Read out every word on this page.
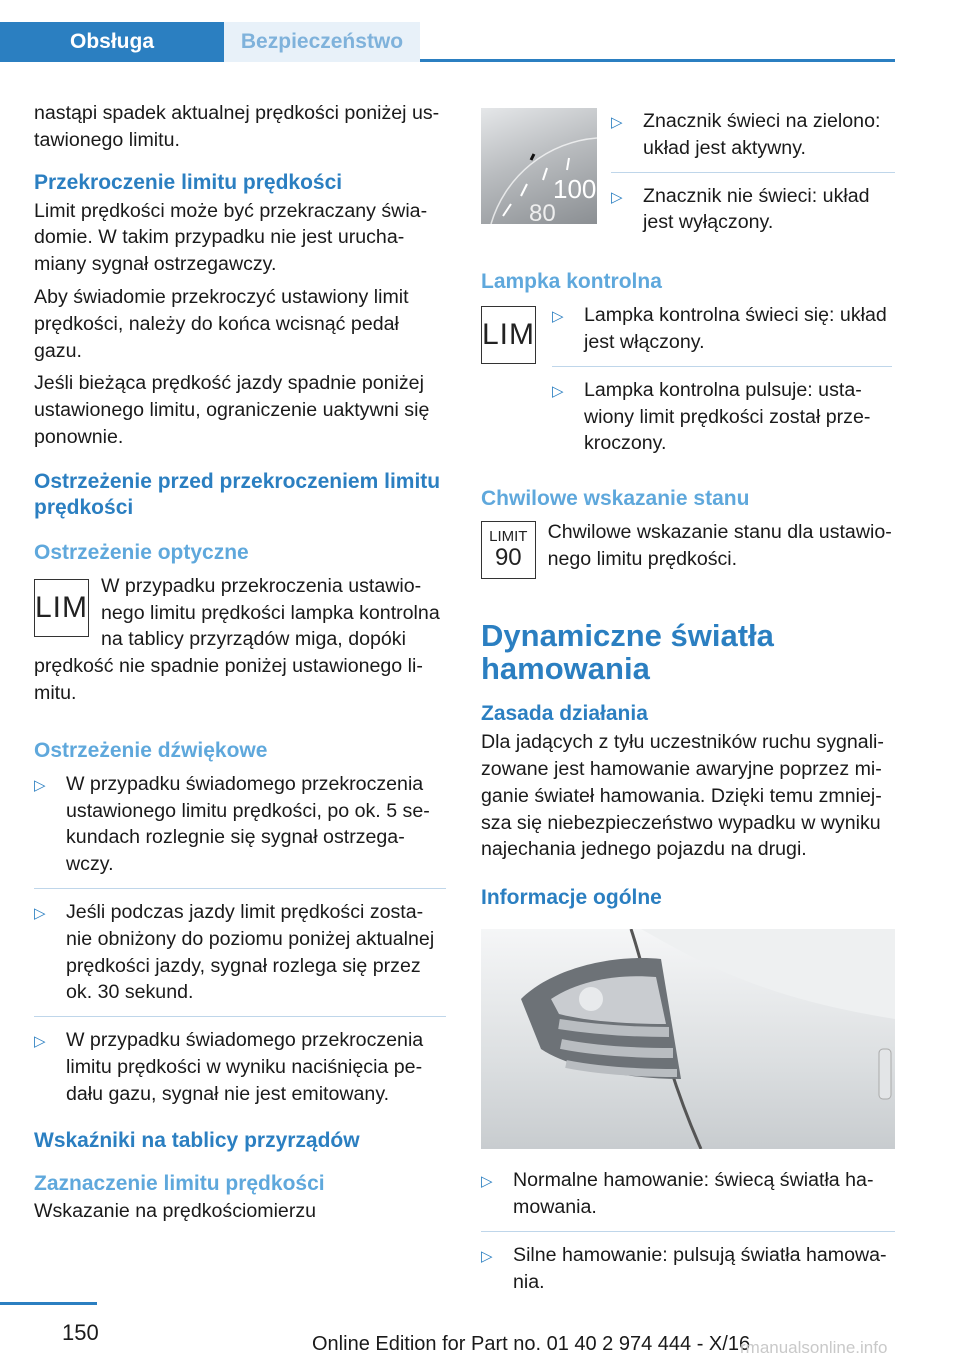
Obsługa	Bezpieczeństwo

nastąpi spadek aktualnej prędkości poniżej us-tawionego limitu.

Przekroczenie limitu prędkości

Limit prędkości może być przekraczany świa-domie. W takim przypadku nie jest urucha-miany sygnał ostrzegawczy.

Aby świadomie przekroczyć ustawiony limit prędkości, należy do końca wcisnąć pedał gazu.

Jeśli bieżąca prędkość jazdy spadnie poniżej ustawionego limitu, ograniczenie uaktywni się ponownie.

Ostrzeżenie przed przekroczeniem limitu prędkości
Ostrzeżenie optyczne
LIM

W przypadku przekroczenia ustawio-nego limitu prędkości lampka kontrolna na tablicy przyrządów miga, dopóki prędkość nie spadnie poniżej ustawionego li-mitu.

Ostrzeżenie dźwiękowe
▷ W przypadku świadomego przekroczenia ustawionego limitu prędkości, po ok. 5 se-kundach rozlegnie się sygnał ostrzega-wczy.
▷ Jeśli podczas jazdy limit prędkości zosta-nie obniżony do poziomu poniżej aktualnej prędkości jazdy, sygnał rozlega się przez ok. 30 sekund.
▷ W przypadku świadomego przekroczenia limitu prędkości w wyniku naciśnięcia pe-dału gazu, sygnał nie jest emitowany.
Wskaźniki na tablicy przyrządów
Zaznaczenie limitu prędkości

Wskazanie na prędkościomierzu

100
80
▷ Znacznik świeci na zielono: układ jest aktywny.
▷ Znacznik nie świeci: układ jest wyłączony.
Lampka kontrolna
LIM
▷ Lampka kontrolna świeci się: układ jest włączony.
▷ Lampka kontrolna pulsuje: usta-wiony limit prędkości został prze-kroczony.
Chwilowe wskazanie stanu
LIMIT
90

Chwilowe wskazanie stanu dla ustawio-nego limitu prędkości.

Dynamiczne światła hamowania
Zasada działania

Dla jadących z tyłu uczestników ruchu sygnali-zowane jest hamowanie awaryjne poprzez mi-ganie świateł hamowania. Dzięki temu zmniej-sza się niebezpieczeństwo wypadku w wyniku najechania jednego pojazdu na drugi.

Informacje ogólne
▷ Normalne hamowanie: świecą światła ha-mowania.
▷ Silne hamowanie: pulsują światła hamowa-nia.
150	Online Edition for Part no. 01 40 2 974 444 - X/16
rmanualsonline.info
